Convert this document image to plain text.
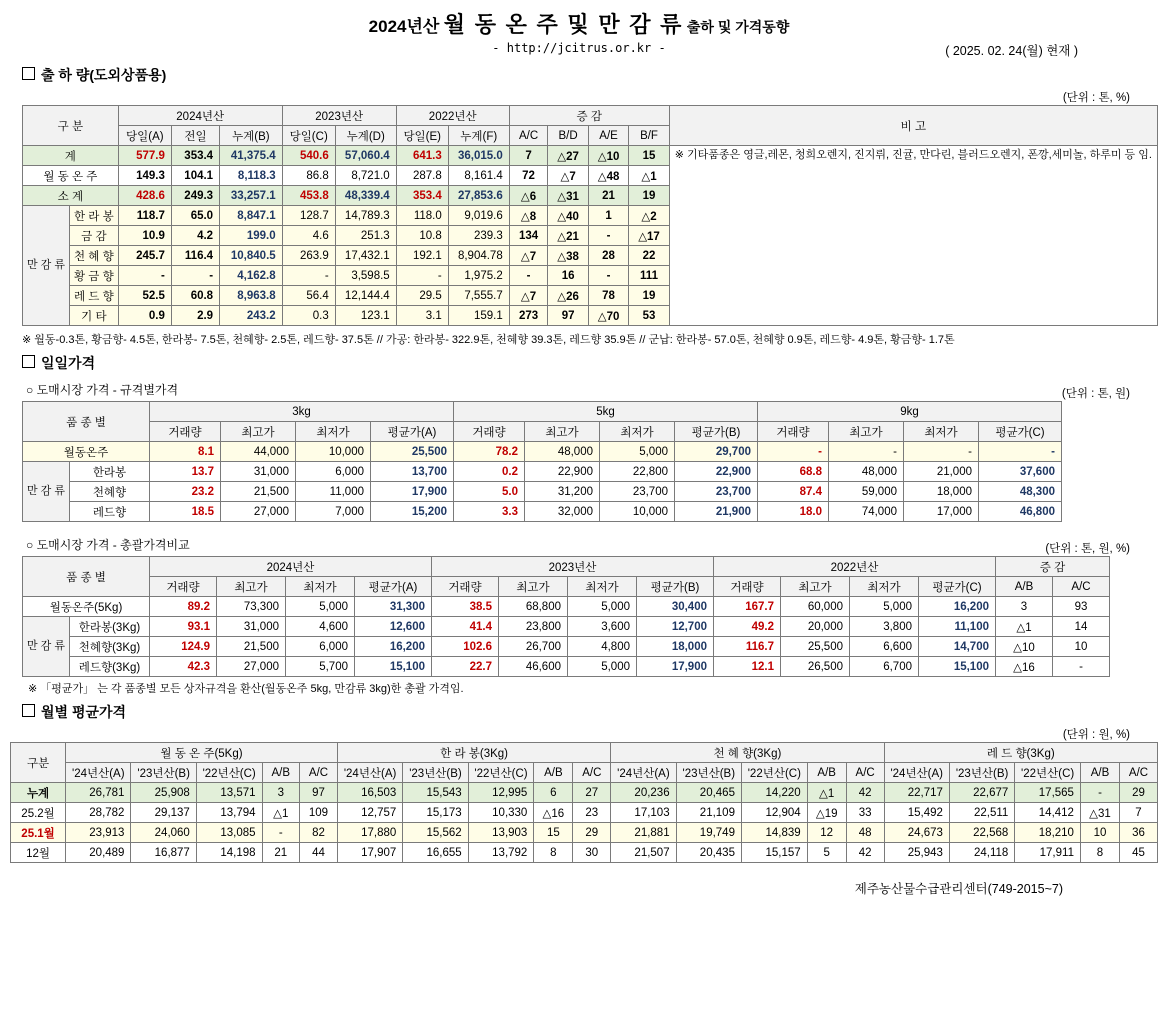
2024년산 월 동 온 주 및 만 감 류 출하 및 가격동향
- http://jcitrus.or.kr -	( 2025. 02. 24(월) 현재 )
출 하 량(도외상품용)
(단위 : 톤, %)
구 분		2024년산			2023년산		2022년산		증 감				비 고
		당일(A)	전일	누계(B)	당일(C)	누계(D)	당일(E)	누계(F)	A/C	B/D	A/E	B/F	
계		577.9	353.4	41,375.4	540.6	57,060.4	641.3	36,015.0	7	△27	△10	15	※ 기타품종은 영글,레몬, 청희오렌지, 진지뤼, 진귤, 만다린, 블러드오렌지, 폰깡,세미놀, 하루미 등 임.
월 동 온 주		149.3	104.1	8,118.3	86.8	8,721.0	287.8	8,161.4	72	△7	△48	△1	
소 계		428.6	249.3	33,257.1	453.8	48,339.4	353.4	27,853.6	△6	△31	21	19	
만 감 류	한 라 봉	118.7	65.0	8,847.1	128.7	14,789.3	118.0	9,019.6	△8	△40	1	△2	
	금 감	10.9	4.2	199.0	4.6	251.3	10.8	239.3	134	△21	-	△17	
	천 혜 향	245.7	116.4	10,840.5	263.9	17,432.1	192.1	8,904.78	△7	△38	28	22	
	황 금 향	-	-	4,162.8	-	3,598.5	-	1,975.2	-	16	-	111	
	레 드 향	52.5	60.8	8,963.8	56.4	12,144.4	29.5	7,555.7	△7	△26	78	19	
	기 타	0.9	2.9	243.2	0.3	123.1	3.1	159.1	273	97	△70	53	
※ 월동-0.3톤, 황금향- 4.5톤, 한라봉- 7.5톤, 천혜향- 2.5톤, 레드향- 37.5톤 // 가공: 한라봉- 322.9톤, 천혜향 39.3톤, 레드향 35.9톤 // 군납: 한라봉- 57.0톤, 천혜향 0.9톤, 레드향- 4.9톤, 황금향- 1.7톤
일일가격
○ 도매시장 가격 - 규격별가격	(단위 : 톤, 원)
품 종 별		3kg				5kg				9kg			
		거래량	최고가	최저가	평균가(A)	거래량	최고가	최저가	평균가(B)	거래량	최고가	최저가	평균가(C)
월동온주		8.1	44,000	10,000	25,500	78.2	48,000	5,000	29,700	-	-	-	-
만 감 류	한라봉	13.7	31,000	6,000	13,700	0.2	22,900	22,800	22,900	68.8	48,000	21,000	37,600
	천혜향	23.2	21,500	11,000	17,900	5.0	31,200	23,700	23,700	87.4	59,000	18,000	48,300
	레드향	18.5	27,000	7,000	15,200	3.3	32,000	10,000	21,900	18.0	74,000	17,000	46,800
○ 도매시장 가격 - 총괄가격비교	(단위 : 톤, 원, %)
품 종 별		2024년산				2023년산				2022년산				증 감	
		거래량	최고가	최저가	평균가(A)	거래량	최고가	최저가	평균가(B)	거래량	최고가	최저가	평균가(C)	A/B	A/C
월동온주(5Kg)		89.2	73,300	5,000	31,300	38.5	68,800	5,000	30,400	167.7	60,000	5,000	16,200	3	93
만 감 류	한라봉(3Kg)	93.1	31,000	4,600	12,600	41.4	23,800	3,600	12,700	49.2	20,000	3,800	11,100	△1	14
	천혜향(3Kg)	124.9	21,500	6,000	16,200	102.6	26,700	4,800	18,000	116.7	25,500	6,600	14,700	△10	10
	레드향(3Kg)	42.3	27,000	5,700	15,100	22.7	46,600	5,000	17,900	12.1	26,500	6,700	15,100	△16	-
※ 「평균가」 는 각 품종별 모든 상자규격을 환산(월동온주 5kg, 만감류 3kg)한 총괄 가격임.
월별 평균가격
(단위 : 원, %)
구분	월 동 온 주(5Kg)					한 라 봉(3Kg)					천 혜 향(3Kg)					레 드 향(3Kg)				
	'24년산(A)	'23년산(B)	'22년산(C)	A/B	A/C	'24년산(A)	'23년산(B)	'22년산(C)	A/B	A/C	'24년산(A)	'23년산(B)	'22년산(C)	A/B	A/C	'24년산(A)	'23년산(B)	'22년산(C)	A/B	A/C
누계	26,781	25,908	13,571	3	97	16,503	15,543	12,995	6	27	20,236	20,465	14,220	△1	42	22,717	22,677	17,565	-	29
25.2월	28,782	29,137	13,794	△1	109	12,757	15,173	10,330	△16	23	17,103	21,109	12,904	△19	33	15,492	22,511	14,412	△31	7
25.1월	23,913	24,060	13,085	-	82	17,880	15,562	13,903	15	29	21,881	19,749	14,839	12	48	24,673	22,568	18,210	10	36
12월	20,489	16,877	14,198	21	44	17,907	16,655	13,792	8	30	21,507	20,435	15,157	5	42	25,943	24,118	17,911	8	45
제주농산물수급관리센터(749-2015~7)
